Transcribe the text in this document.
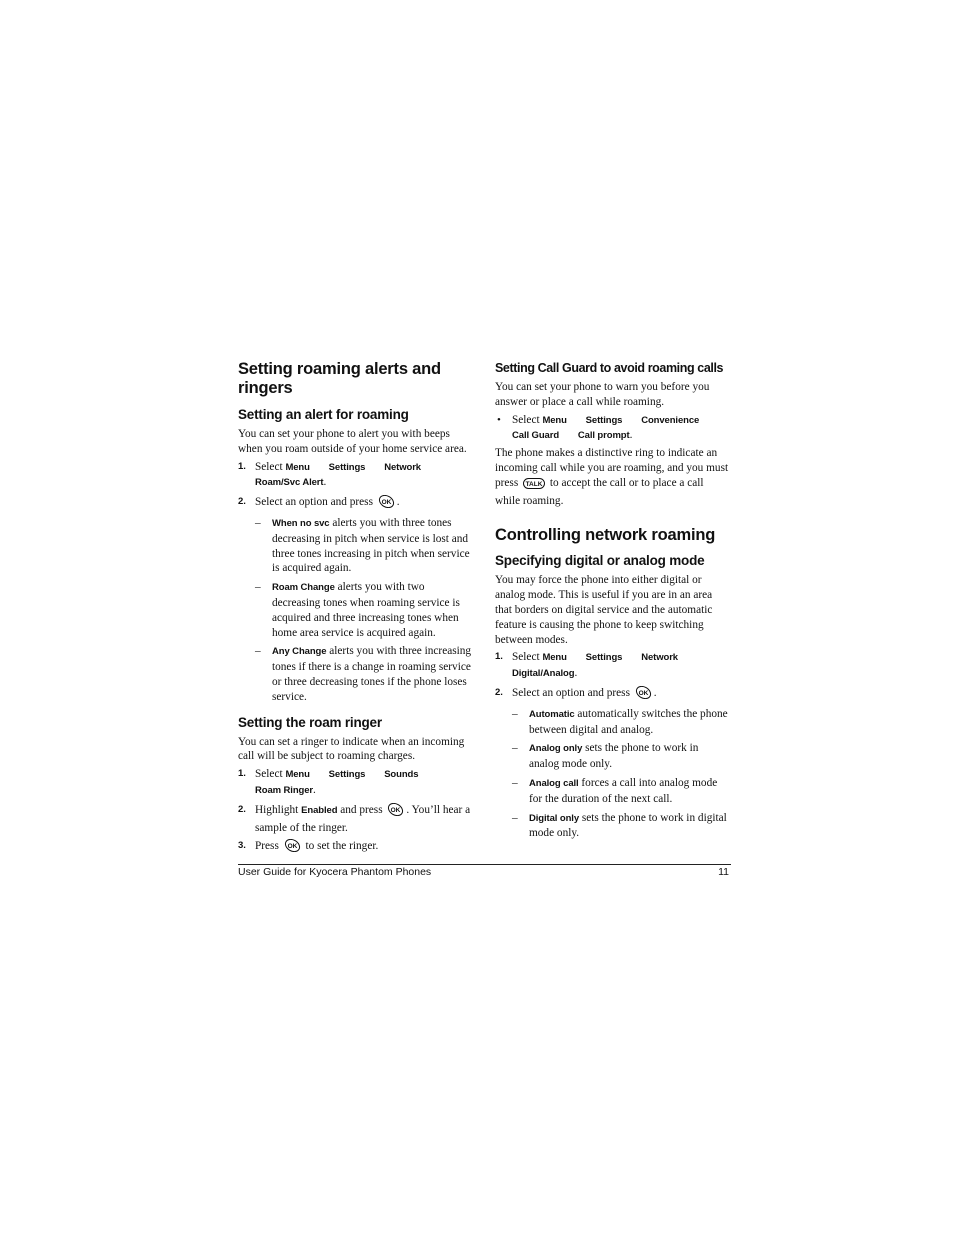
Setting roaming alerts and ringers
Setting an alert for roaming

You can set your phone to alert you with beeps when you roam outside of your home service area.

1. Select Menu Settings Network
Roam/Svc Alert.
2. Select an option and press OK .
– When no svc alerts you with three tones decreasing in pitch when service is lost and three tones increasing in pitch when service is acquired again.
– Roam Change alerts you with two decreasing tones when roaming service is acquired and three increasing tones when home area service is acquired again.
– Any Change alerts you with three increasing tones if there is a change in roaming service or three decreasing tones if the phone loses service.
Setting the roam ringer

You can set a ringer to indicate when an incoming call will be subject to roaming charges.

1. Select Menu Settings Sounds
Roam Ringer.
2. Highlight Enabled and press OK . You’ll hear a sample of the ringer.
3. Press OK to set the ringer.
Setting Call Guard to avoid roaming calls

You can set your phone to warn you before you answer or place a call while roaming.

• Select Menu Settings Convenience
Call Guard Call prompt.

The phone makes a distinctive ring to indicate an incoming call while you are roaming, and you must press TALK to accept the call or to place a call while roaming.

Controlling network roaming
Specifying digital or analog mode

You may force the phone into either digital or analog mode. This is useful if you are in an area that borders on digital service and the automatic feature is causing the phone to keep switching between modes.

1. Select Menu Settings Network
Digital/Analog.
2. Select an option and press OK .
– Automatic automatically switches the phone between digital and analog.
– Analog only sets the phone to work in analog mode only.
– Analog call forces a call into analog mode for the duration of the next call.
– Digital only sets the phone to work in digital mode only.
User Guide for Kyocera Phantom Phones	11
